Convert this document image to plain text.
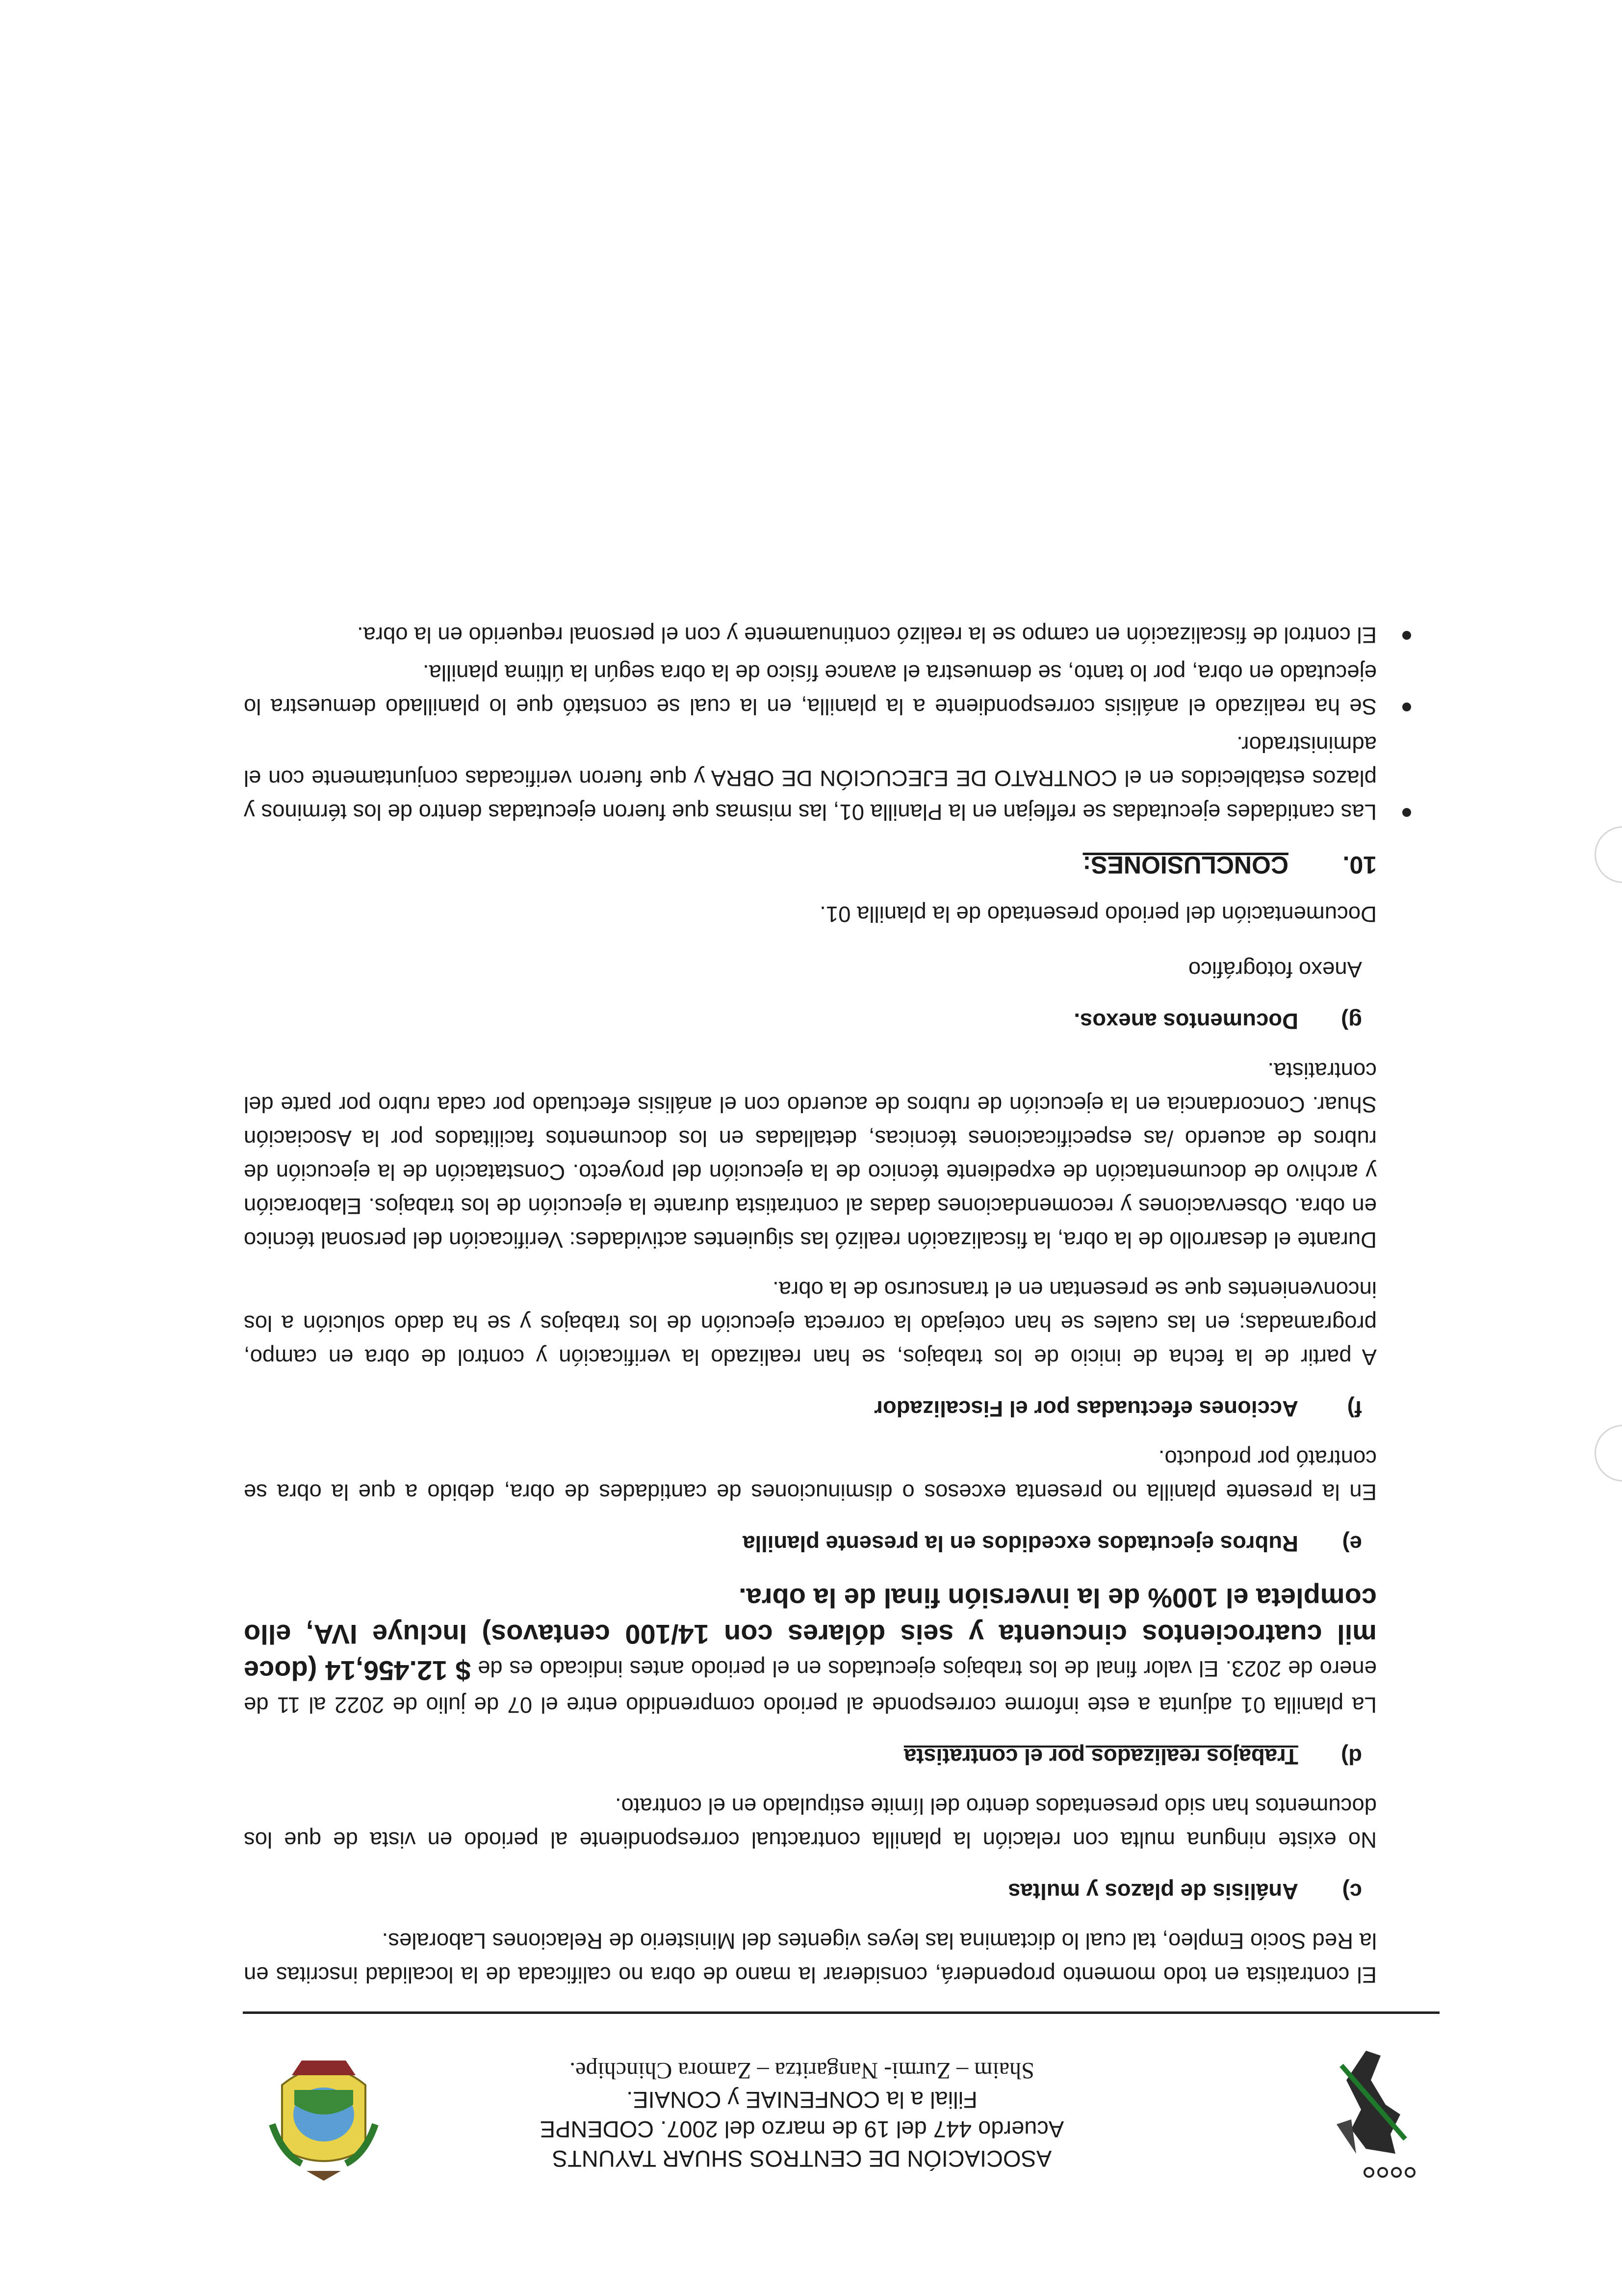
ASOCIACIÓN DE CENTROS SHUAR TAYUNTS
Acuerdo 447 del 19 de marzo del 2007. CODENPE
Filial a la CONFENIAE y CONAIE.
Shaim – Zurmi- Nangaritza – Zamora Chinchipe.

El contratista en todo momento propenderá, considerar la mano de obra no calificada de la localidad inscritas en la Red Socio Empleo, tal cual lo dictamina las leyes vigentes del Ministerio de Relaciones Laborales.

c)Análisis de plazos y multas

No existe ninguna multa con relación la planilla contractual correspondiente al periodo en vista de que los documentos han sido presentados dentro del límite estipulado en el contrato.

d)Trabajos realizados por el contratista

La planilla 01 adjunta a este informe corresponde al periodo comprendido entre el 07 de julio de 2022 al 11 de enero de 2023. El valor final de los trabajos ejecutados en el periodo antes indicado es de $ 12.456,14 (doce mil cuatrocientos cincuenta y seis dólares con 14/100 centavos) Incluye IVA, ello completa el 100% de la inversión final de la obra.

e)Rubros ejecutados excedidos en la presente planilla

En la presente planilla no presenta excesos o disminuciones de cantidades de obra, debido a que la obra se contrató por producto.

f)Acciones efectuadas por el Fiscalizador

A partir de la fecha de inicio de los trabajos, se han realizado la verificación y control de obra en campo, programadas; en las cuales se han cotejado la correcta ejecución de los trabajos y se ha dado solución a los inconvenientes que se presentan en el transcurso de la obra.

Durante el desarrollo de la obra, la fiscalización realizó las siguientes actividades: Verificación del personal técnico en obra. Observaciones y recomendaciones dadas al contratista durante la ejecución de los trabajos. Elaboración y archivo de documentación de expediente técnico de la ejecución del proyecto. Constatación de la ejecución de rubros de acuerdo /as especificaciones técnicas, detalladas en los documentos facilitados por la Asociación Shuar. Concordancia en la ejecución de rubros de acuerdo con el análisis efectuado por cada rubro por parte del contratista.

g)Documentos anexos.

Anexo fotográfico

Documentación del periodo presentado de la planilla 01.

10.CONCLUSIONES:
Las cantidades ejecutadas se reflejan en la Planilla 01, las mismas que fueron ejecutadas dentro de los términos y plazos establecidos en el CONTRATO DE EJECUCIÓN DE OBRA y que fueron verificadas conjuntamente con el administrador.
Se ha realizado el análisis correspondiente a la planilla, en la cual se constató que lo planillado demuestra lo ejecutado en obra, por lo tanto, se demuestra el avance físico de la obra según la última planilla.
El control de fiscalización en campo se la realizó continuamente y con el personal requerido en la obra.
